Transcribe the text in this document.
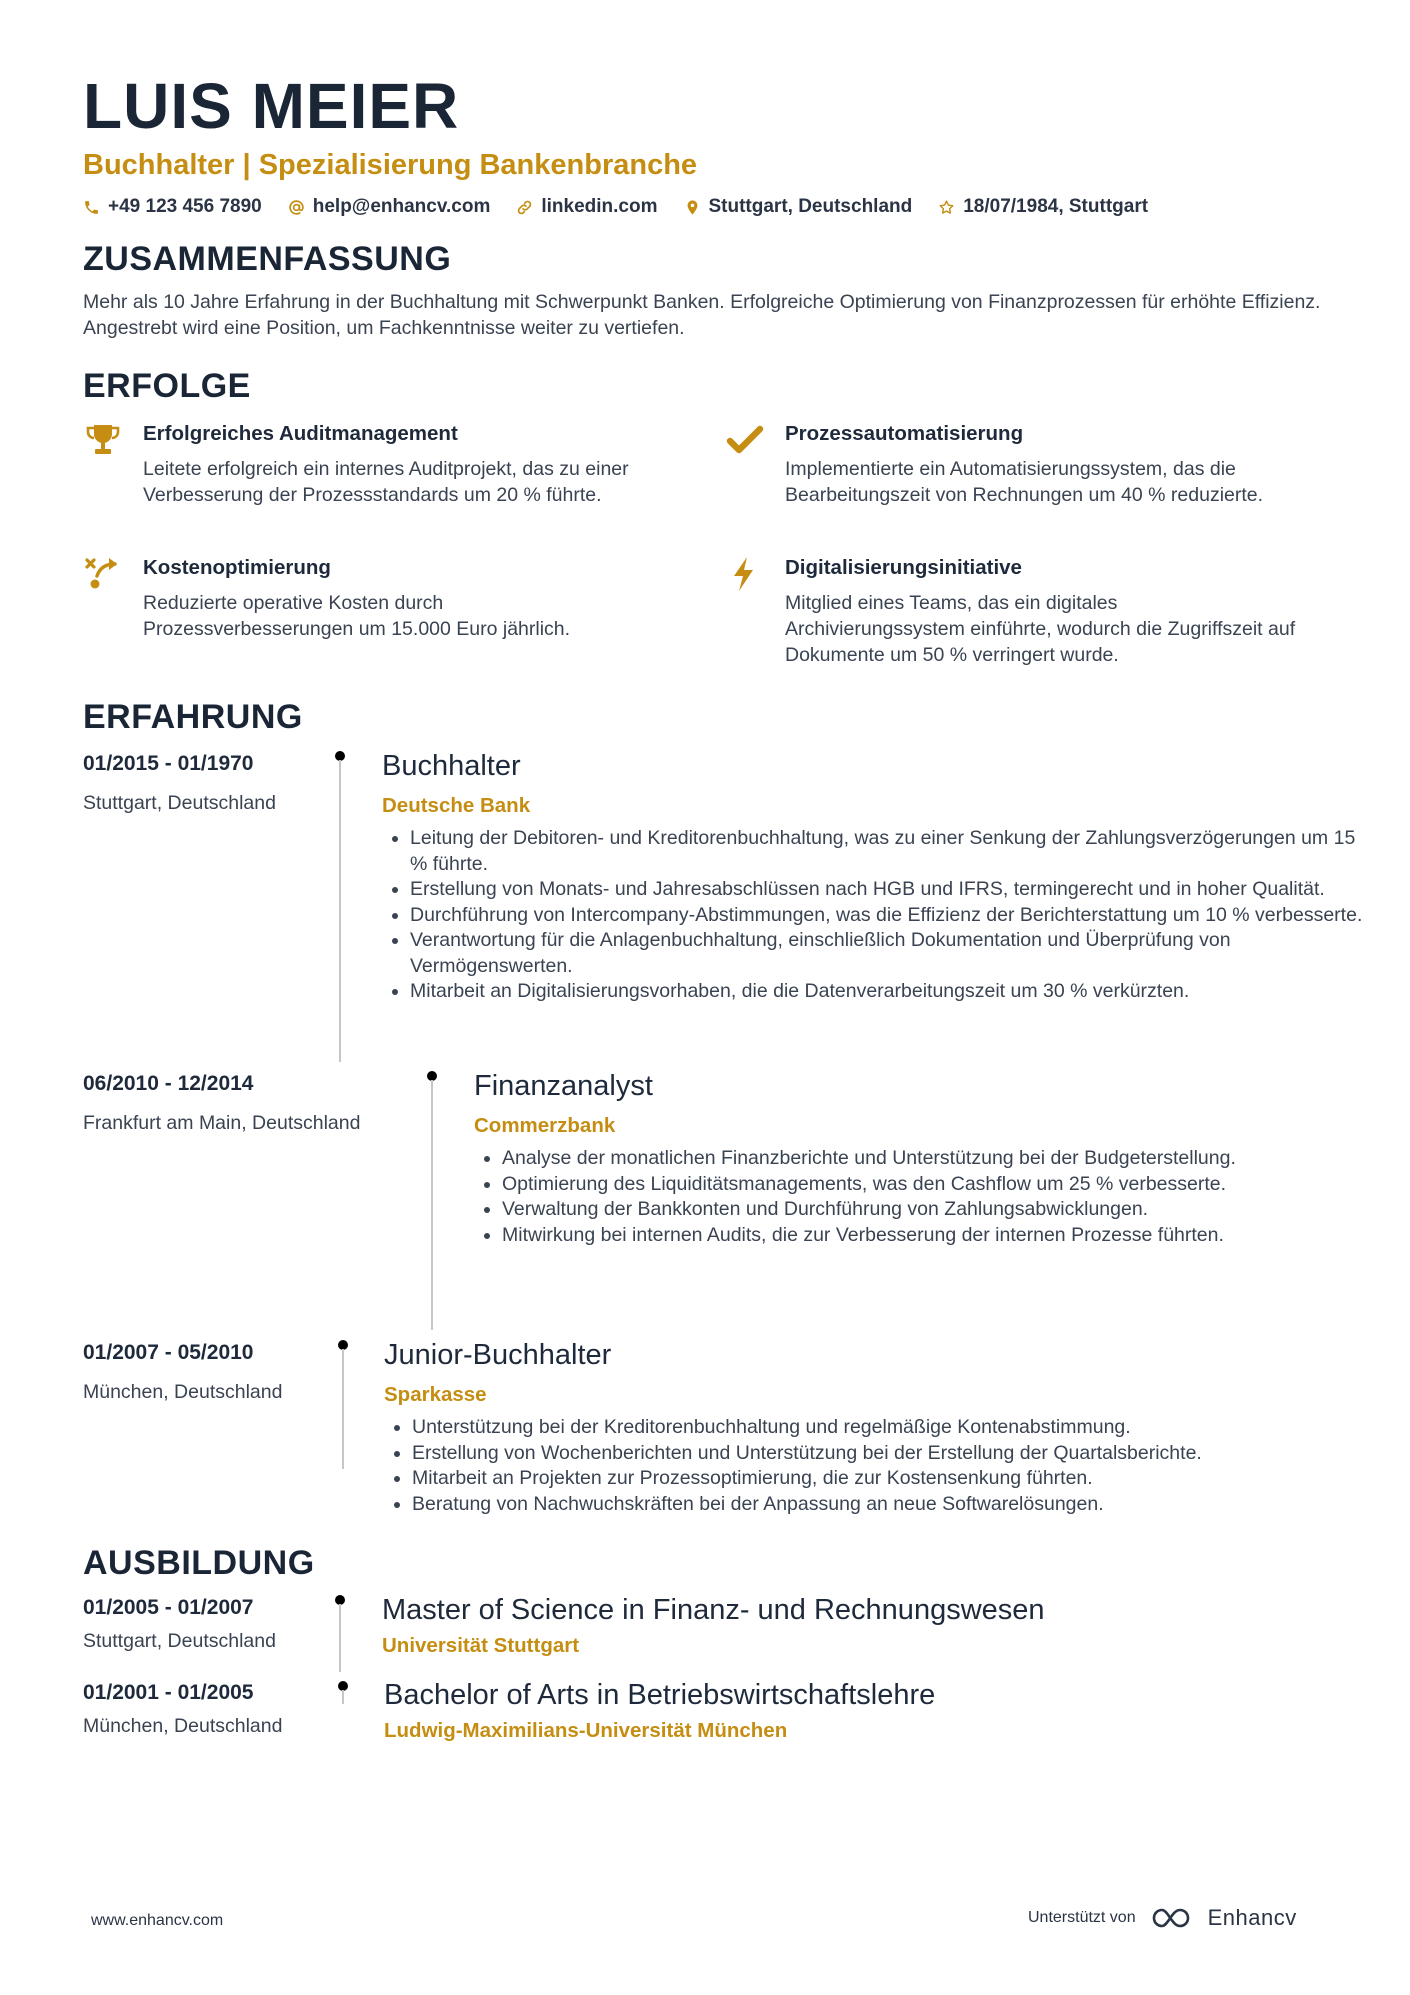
LUIS MEIER
Buchhalter | Spezialisierung Bankenbranche
+49 123 456 7890	help@enhancv.com	linkedin.com	Stuttgart, Deutschland	18/07/1984, Stuttgart
ZUSAMMENFASSUNG
Mehr als 10 Jahre Erfahrung in der Buchhaltung mit Schwerpunkt Banken. Erfolgreiche Optimierung von Finanzprozessen für erhöhte Effizienz. Angestrebt wird eine Position, um Fachkenntnisse weiter zu vertiefen.
ERFOLGE
Erfolgreiches Auditmanagement
Leitete erfolgreich ein internes Auditprojekt, das zu einer Verbesserung der Prozessstandards um 20 % führte.
Prozessautomatisierung
Implementierte ein Automatisierungssystem, das die Bearbeitungszeit von Rechnungen um 40 % reduzierte.
Kostenoptimierung
Reduzierte operative Kosten durch Prozessverbesserungen um 15.000 Euro jährlich.
Digitalisierungsinitiative
Mitglied eines Teams, das ein digitales Archivierungssystem einführte, wodurch die Zugriffszeit auf Dokumente um 50 % verringert wurde.
ERFAHRUNG
01/2015 - 01/1970
Stuttgart, Deutschland
Buchhalter
Deutsche Bank
• Leitung der Debitoren- und Kreditorenbuchhaltung, was zu einer Senkung der Zahlungsverzögerungen um 15 % führte.
• Erstellung von Monats- und Jahresabschlüssen nach HGB und IFRS, termingerecht und in hoher Qualität.
• Durchführung von Intercompany-Abstimmungen, was die Effizienz der Berichterstattung um 10 % verbesserte.
• Verantwortung für die Anlagenbuchhaltung, einschließlich Dokumentation und Überprüfung von Vermögenswerten.
• Mitarbeit an Digitalisierungsvorhaben, die die Datenverarbeitungszeit um 30 % verkürzten.
06/2010 - 12/2014
Frankfurt am Main, Deutschland
Finanzanalyst
Commerzbank
• Analyse der monatlichen Finanzberichte und Unterstützung bei der Budgeterstellung.
• Optimierung des Liquiditätsmanagements, was den Cashflow um 25 % verbesserte.
• Verwaltung der Bankkonten und Durchführung von Zahlungsabwicklungen.
• Mitwirkung bei internen Audits, die zur Verbesserung der internen Prozesse führten.
01/2007 - 05/2010
München, Deutschland
Junior-Buchhalter
Sparkasse
• Unterstützung bei der Kreditorenbuchhaltung und regelmäßige Kontenabstimmung.
• Erstellung von Wochenberichten und Unterstützung bei der Erstellung der Quartalsberichte.
• Mitarbeit an Projekten zur Prozessoptimierung, die zur Kostensenkung führten.
• Beratung von Nachwuchskräften bei der Anpassung an neue Softwarelösungen.
AUSBILDUNG
01/2005 - 01/2007
Stuttgart, Deutschland
Master of Science in Finanz- und Rechnungswesen
Universität Stuttgart
01/2001 - 01/2005
München, Deutschland
Bachelor of Arts in Betriebswirtschaftslehre
Ludwig-Maximilians-Universität München
www.enhancv.com	Unterstützt von	Enhancv
